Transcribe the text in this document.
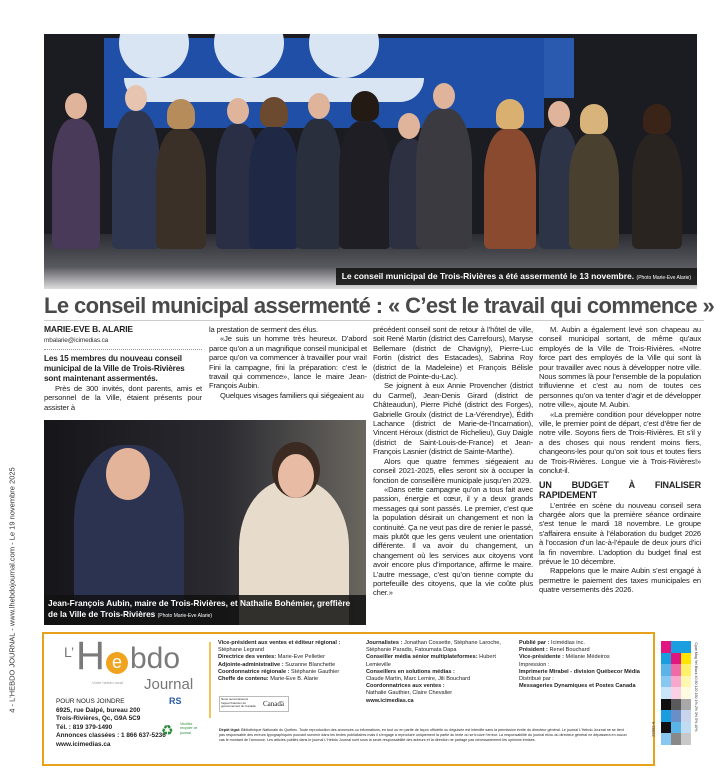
4 - L'HEBDO JOURNAL - www.lhebdojournal.com - Le 19 novembre 2025
Le conseil municipal de Trois-Rivières a été assermenté le 13 novembre. (Photo Marie-Eve Alarie)
Le conseil municipal assermenté : « C’est le travail qui commence »
MARIE-EVE B. ALARIE
mbalarie@icimedias.ca
Les 15 membres du nouveau conseil municipal de la Ville de Trois-Rivières sont maintenant assermentés.

Près de 300 invités, dont parents, amis et personnel de la Ville, étaient présents pour assister à

la prestation de serment des élus.

«Je suis un homme très heureux. D’abord parce qu’on a un magnifique conseil municipal et parce qu’on va commencer à travailler pour vrai! Fini la campagne, fini la préparation: c’est le travail qui commence», lance le maire Jean-François Aubin.

Quelques visages familiers qui siégeaient au

Jean-François Aubin, maire de Trois-Rivières, et Nathalie Bohémier, greffière de la Ville de Trois-Rivières (Photo Marie-Eve Alarie)

précédent conseil sont de retour à l’hôtel de ville, soit René Martin (district des Carrefours), Maryse Bellemare (district de Chavigny), Pierre-Luc Fortin (district des Estacades), Sabrina Roy (district de la Madeleine) et François Bélisle (district de Pointe-du-Lac).

Se joignent à eux Annie Provencher (district du Carmel), Jean-Denis Girard (district de Châteaudun), Pierre Piché (district des Forges), Gabrielle Groulx (district de La-Vérendrye), Édith Lachance (district de Marie-de-l’Incarnation), Vincent Héroux (district de Richelieu), Guy Daigle (district de Saint-Louis-de-France) et Jean-François Lasnier (district de Sainte-Marthe).

Alors que quatre femmes siégeaient au conseil 2021-2025, elles seront six à occuper la fonction de conseillère municipale jusqu’en 2029.

«Dans cette campagne qu’on a tous fait avec passion, énergie et cœur, il y a deux grands messages qui sont passés. Le premier, c’est que la population désirait un changement et non la continuité. Ça ne veut pas dire de renier le passé, mais plutôt que les gens veulent une orientation différente. Il va avoir du changement, un changement où les services aux citoyens vont avoir encore plus d’importance, affirme le maire. L’autre message, c’est qu’on tienne compte du portefeuille des citoyens, que la vie coûte plus cher.»

M. Aubin a également levé son chapeau au conseil municipal sortant, de même qu’aux employés de la Ville de Trois-Rivières. «Notre force part des employés de la Ville qui sont là pour travailler avec nous à développer notre ville. Nous sommes là pour l’ensemble de la population trifluvienne et c’est au nom de toutes ces personnes qu’on va tenter d’agir et de développer notre ville», ajoute M. Aubin.

«La première condition pour développer notre ville, le premier point de départ, c’est d’être fier de notre ville. Soyons fiers de Trois-Rivières. Et s’il y a des choses qui nous rendent moins fiers, changeons-les pour qu’on soit tous et toutes fiers de Trois-Rivières. Longue vie à Trois-Rivières!» conclut-il.

UN BUDGET À FINALISER RAPIDEMENT

L’entrée en scène du nouveau conseil sera chargée alors que la première séance ordinaire s’est tenue le mardi 18 novembre. Le groupe s’affairera ensuite à l’élaboration du budget 2026 à l’occasion d’un lac-à-l’épaule de deux jours d’ici la fin novembre. L’adoption du budget final est prévue le 10 décembre.

Rappelons que le maire Aubin s’est engagé à permettre le paiement des taxes municipales en quatre versements dès 2026.

L’ H e bdo
Journal
Votre hebdo local
POUR NOUS JOINDRE
6925, rue Dalpé, bureau 200
Trois-Rivières, Qc, G9A 5C9
Tél. : 819 379-1490
Annonces classées : 1 866 637-5236
www.icimedias.ca
RS
♻ Veuillez recycler ce journal
Vice-président aux ventes et éditeur régional :
Stéphane Legrand
Directrice des ventes: Marie-Eve Pelletier
Adjointe-administrative : Suzanne Blanchette
Coordonnatrice régionale : Stéphanie Gauthier
Cheffe de contenu: Marie-Eve B. Alarie
Journalistes : Jonathan Cossette, Stéphane Laroche, Stéphanie Paradis, Fatoumata Dapa
Conseiller média sénior multiplateformes: Hubert Lemieville
Conseillers en solutions médias :
Claude Martin, Marc Lemire, Jili Bouchard
Coordonnatrices aux ventes :
Nathalie Gauthier, Claire Chevalier
www.icimedias.ca
Publié par : Icimédias inc.
Président : Renel Bouchard
Vice-présidente : Mélanie Médeiros
Impression :
Imprimerie Mirabel - division Québecor Média
Distribué par :
Messageries Dynamiques et Postes Canada
Nous reconnaissons l’appui financier du gouvernement du Canada Canadä
Dépôt légal: Bibliothèque Nationale du Québec. Toute reproduction des annonces ou informations, en tout ou en partie de façon officielle ou déguisée est interdite sans la permission écrite du directeur général. Le journal L’Hebdo Journal ne se tient pas responsable des erreurs typographiques pouvant survenir dans les textes publicitaires mais il s’engage à reproduire uniquement la partie du texte où se trouve l’erreur. La responsabilité du journal et/ou du directeur général ne dépassera en aucun cas le montant de l’annonce. Les articles publiés dans le journal L’Hebdo Journal sont sous la seule responsabilité des auteurs et la direction ne partage pas nécessairement les opinions émises.
22002-4	Cyan Mag Yel Black 40 80 120 150 1% 2% 3% 5% 10%
